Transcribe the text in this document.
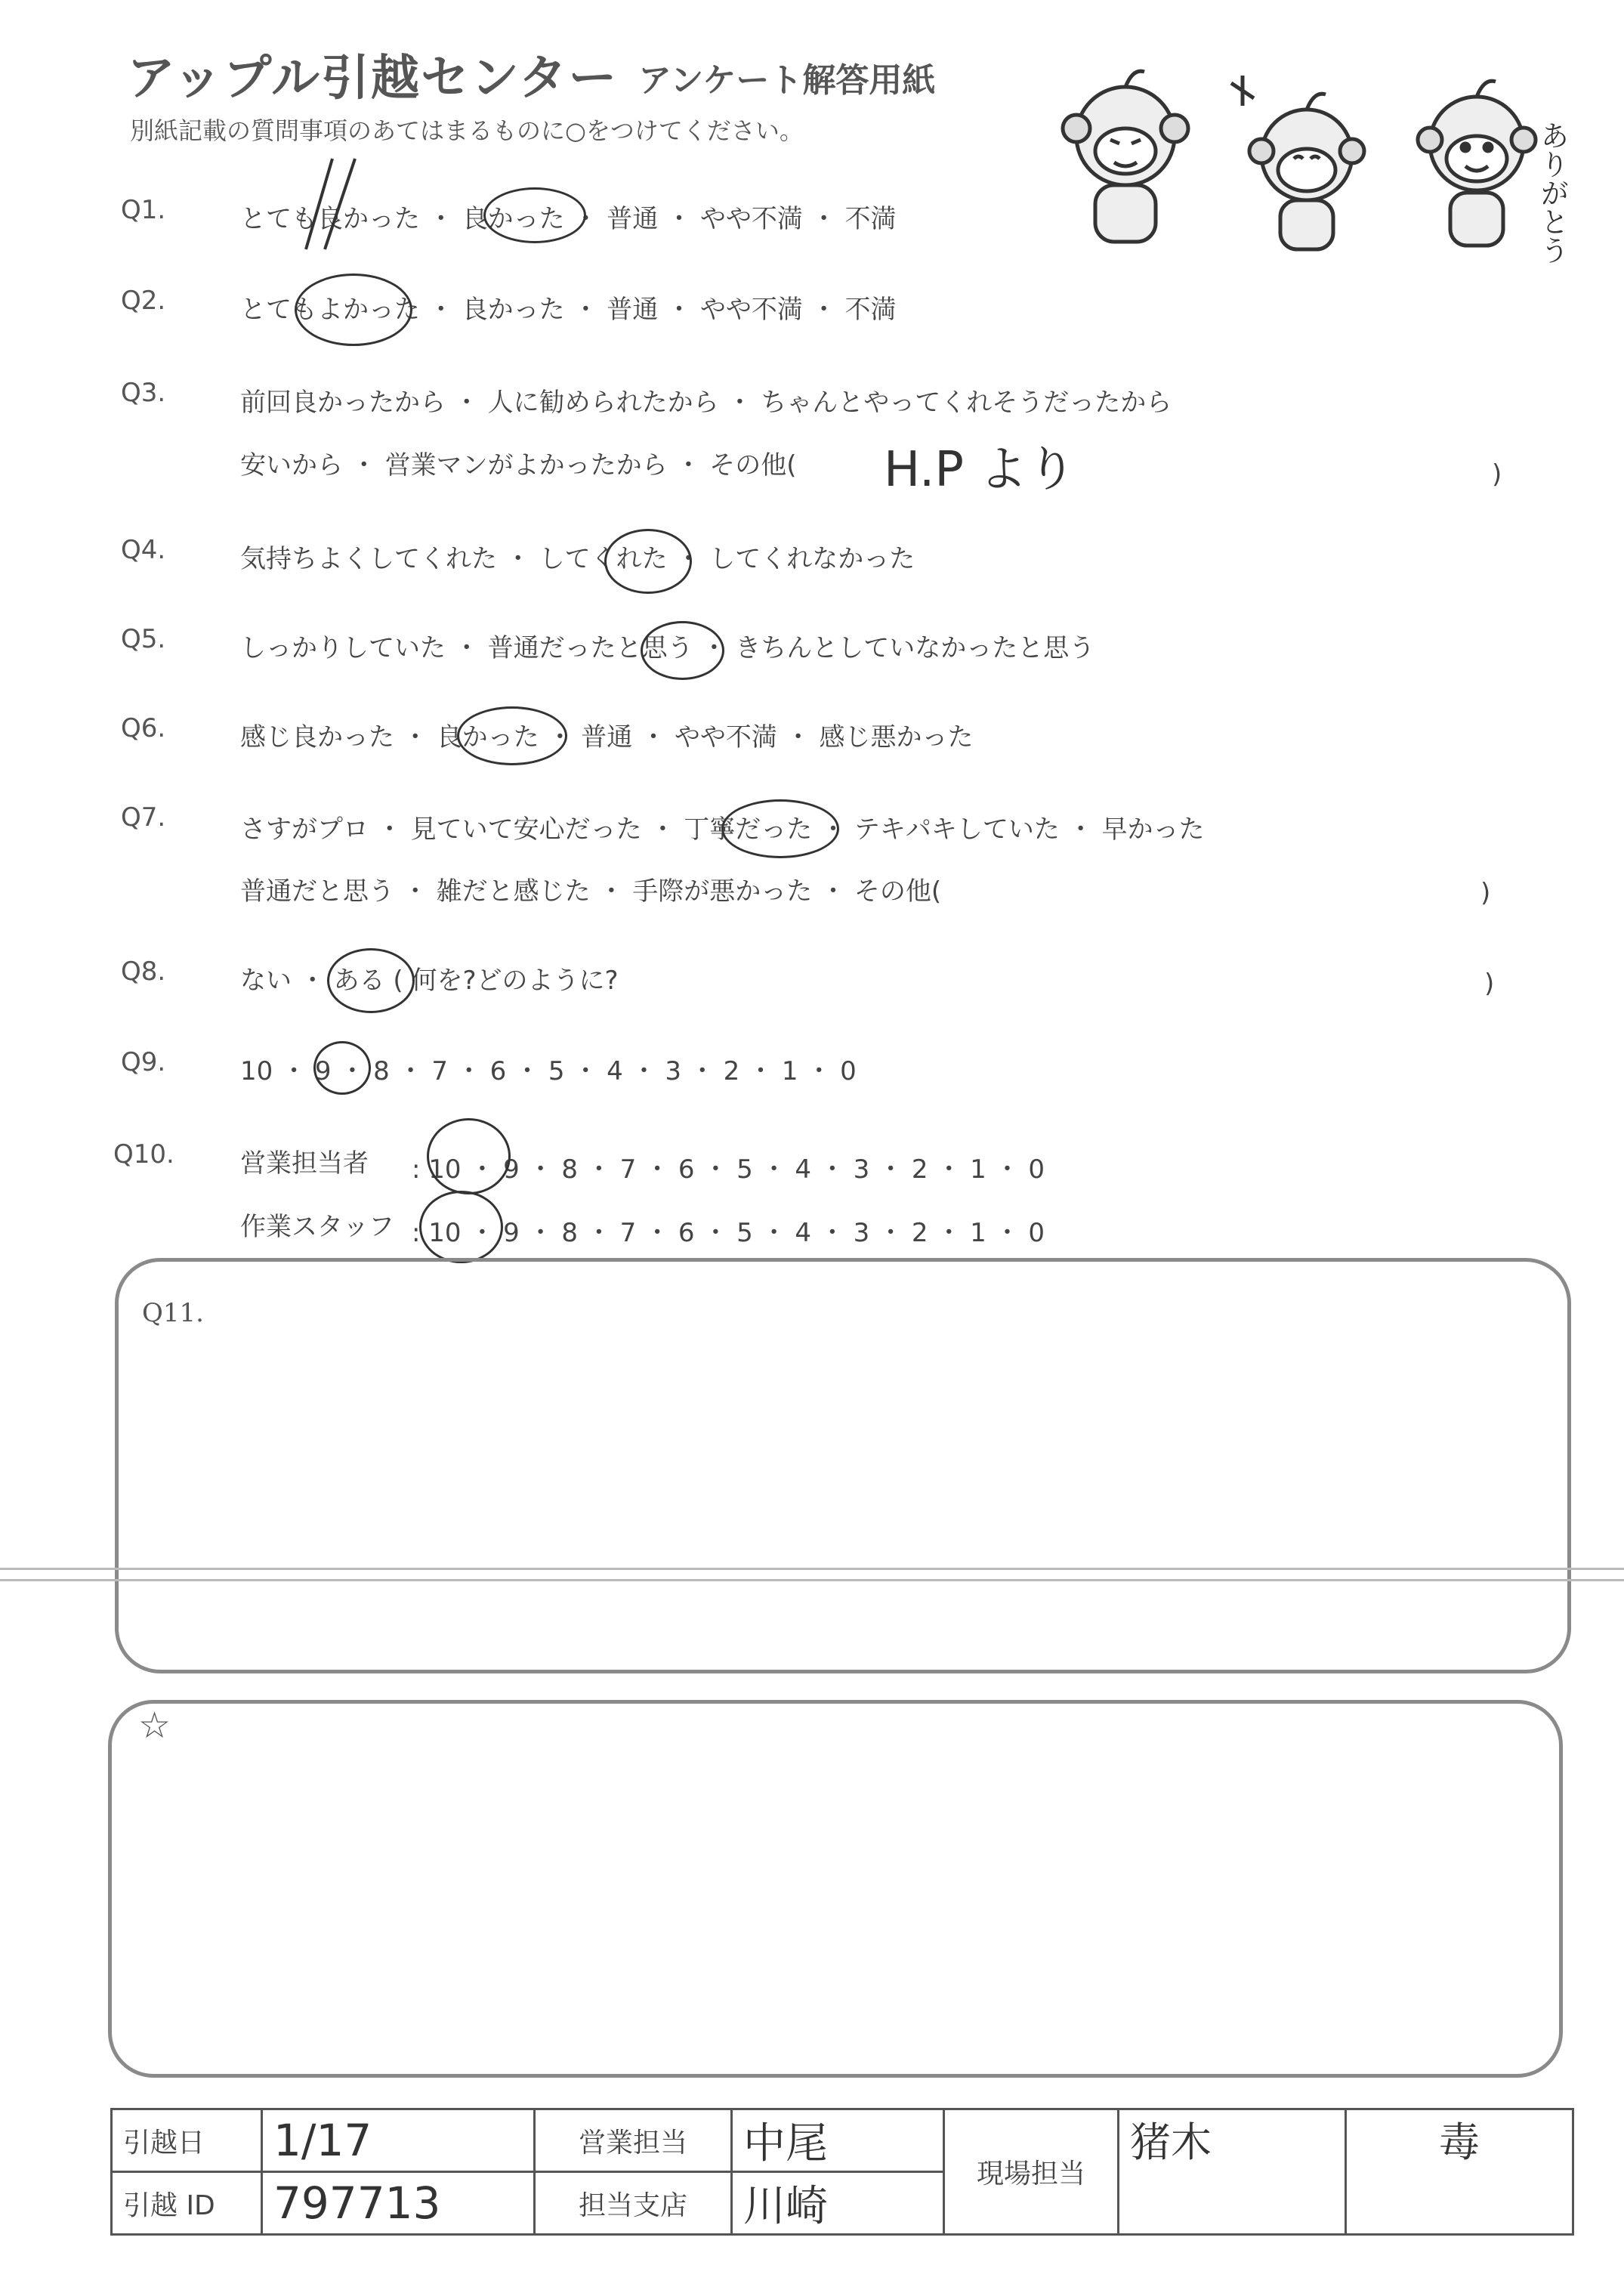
アップル引越センター アンケート解答用紙
別紙記載の質問事項のあてはまるものに○をつけてください。	ありがとう
Q1.	とても良かった ・ 良かった ・ 普通 ・ やや不満 ・ 不満
Q2.	とてもよかった ・ 良かった ・ 普通 ・ やや不満 ・ 不満
Q3.	前回良かったから ・ 人に勧められたから ・ ちゃんとやってくれそうだったから
安いから ・ 営業マンがよかったから ・ その他( H.P より	)
Q4.	気持ちよくしてくれた ・ してくれた ・ してくれなかった
Q5.	しっかりしていた ・ 普通だったと思う ・ きちんとしていなかったと思う
Q6.	感じ良かった ・ 良かった ・ 普通 ・ やや不満 ・ 感じ悪かった
Q7.	さすがプロ ・ 見ていて安心だった ・ 丁寧だった ・ テキパキしていた ・ 早かった
普通だと思う ・ 雑だと感じた ・ 手際が悪かった ・ その他(	)
Q8.	ない ・ ある ( 何を?どのように?	)
Q9.	10 ・ 9 ・ 8 ・ 7 ・ 6 ・ 5 ・ 4 ・ 3 ・ 2 ・ 1 ・ 0
Q10.	営業担当者 : 10 ・ 9 ・ 8 ・ 7 ・ 6 ・ 5 ・ 4 ・ 3 ・ 2 ・ 1 ・ 0
作業スタッフ : 10 ・ 9 ・ 8 ・ 7 ・ 6 ・ 5 ・ 4 ・ 3 ・ 2 ・ 1 ・ 0
Q11.
☆
引越日	1/17	営業担当	中尾	現場担当	猪木	毒
引越 ID	797713	担当支店	川崎			
